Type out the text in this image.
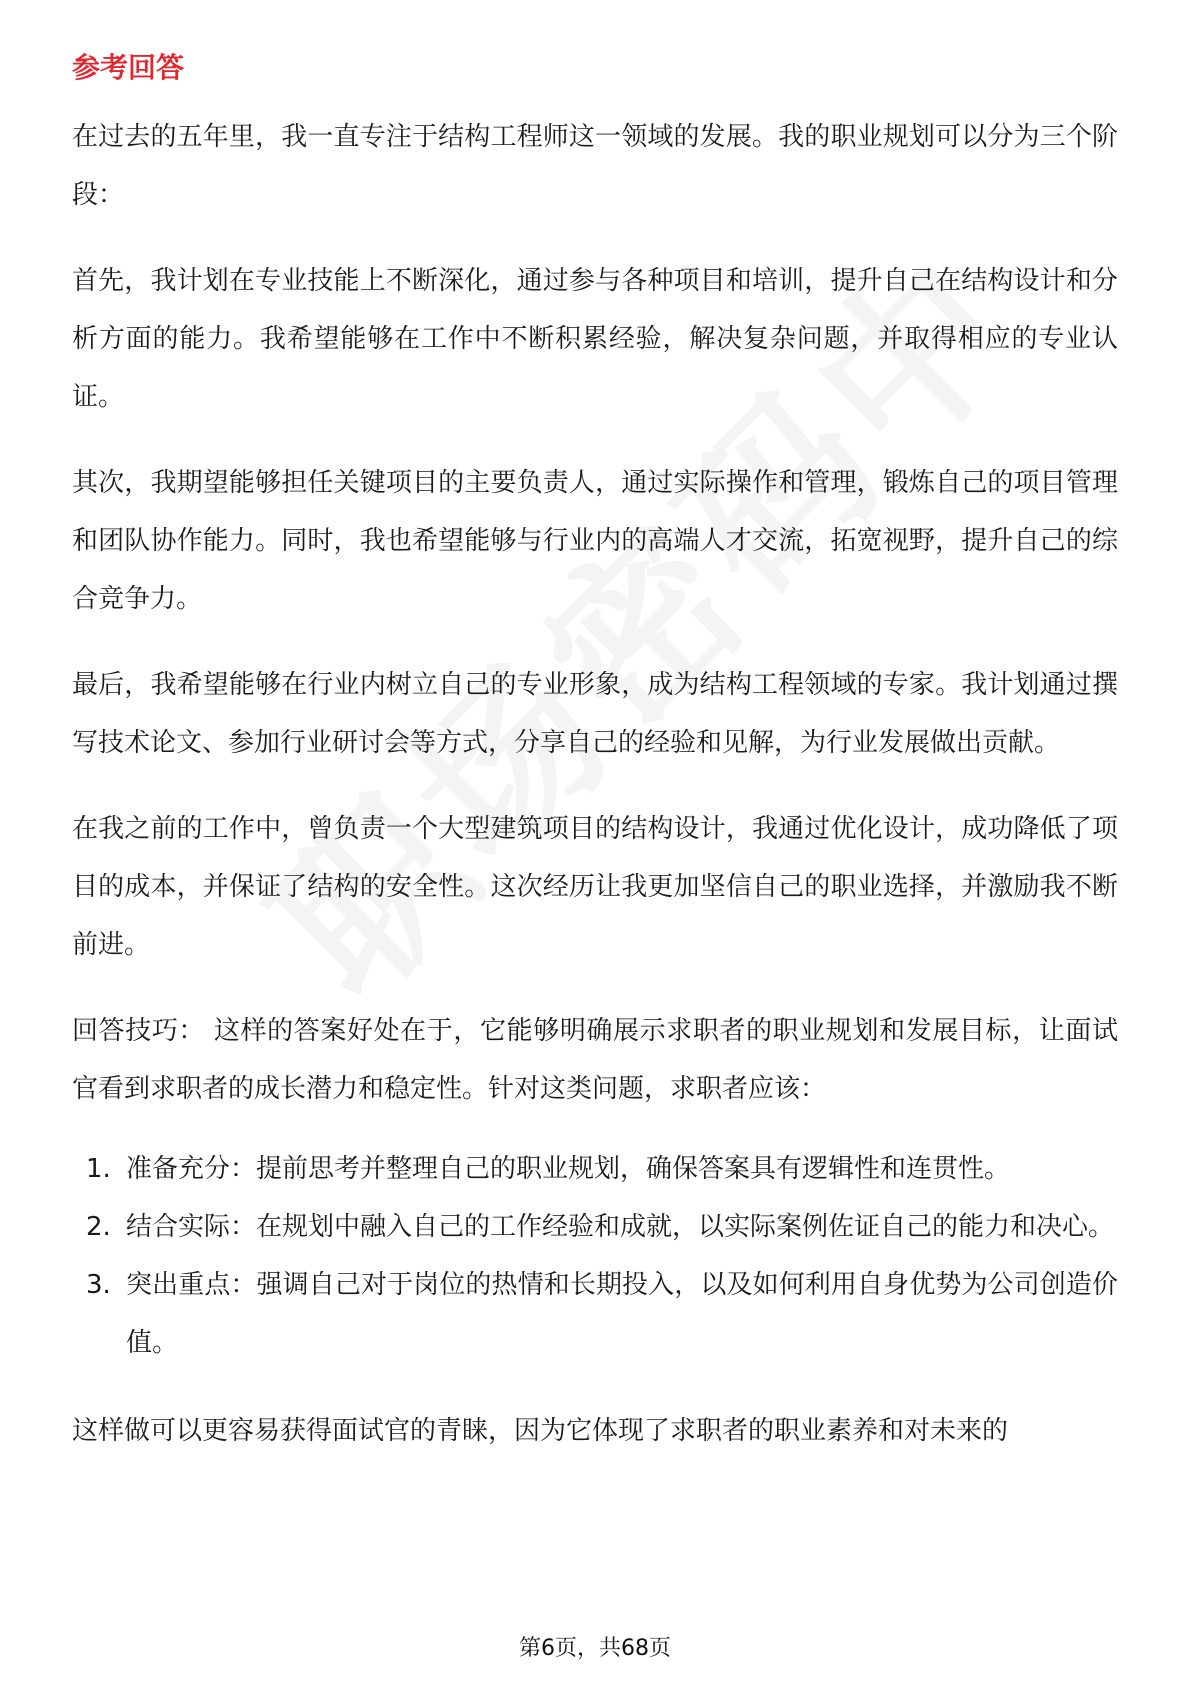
参考回答

在过去的五年里，我一直专注于结构工程师这一领域的发展。我的职业规划可以分为三个阶段：

首先，我计划在专业技能上不断深化，通过参与各种项目和培训，提升自己在结构设计和分析方面的能力。我希望能够在工作中不断积累经验，解决复杂问题，并取得相应的专业认证。

其次，我期望能够担任关键项目的主要负责人，通过实际操作和管理，锻炼自己的项目管理和团队协作能力。同时，我也希望能够与行业内的高端人才交流，拓宽视野，提升自己的综合竞争力。

最后，我希望能够在行业内树立自己的专业形象，成为结构工程领域的专家。我计划通过撰写技术论文、参加行业研讨会等方式，分享自己的经验和见解，为行业发展做出贡献。

在我之前的工作中，曾负责一个大型建筑项目的结构设计，我通过优化设计，成功降低了项目的成本，并保证了结构的安全性。这次经历让我更加坚信自己的职业选择，并激励我不断前进。

回答技巧： 这样的答案好处在于，它能够明确展示求职者的职业规划和发展目标，让面试官看到求职者的成长潜力和稳定性。针对这类问题，求职者应该：

1. 准备充分：提前思考并整理自己的职业规划，确保答案具有逻辑性和连贯性。
2. 结合实际：在规划中融入自己的工作经验和成就，以实际案例佐证自己的能力和决心。
3. 突出重点：强调自己对于岗位的热情和长期投入，以及如何利用自身优势为公司创造价值。

这样做可以更容易获得面试官的青睐，因为它体现了求职者的职业素养和对未来的

第6页，共68页
